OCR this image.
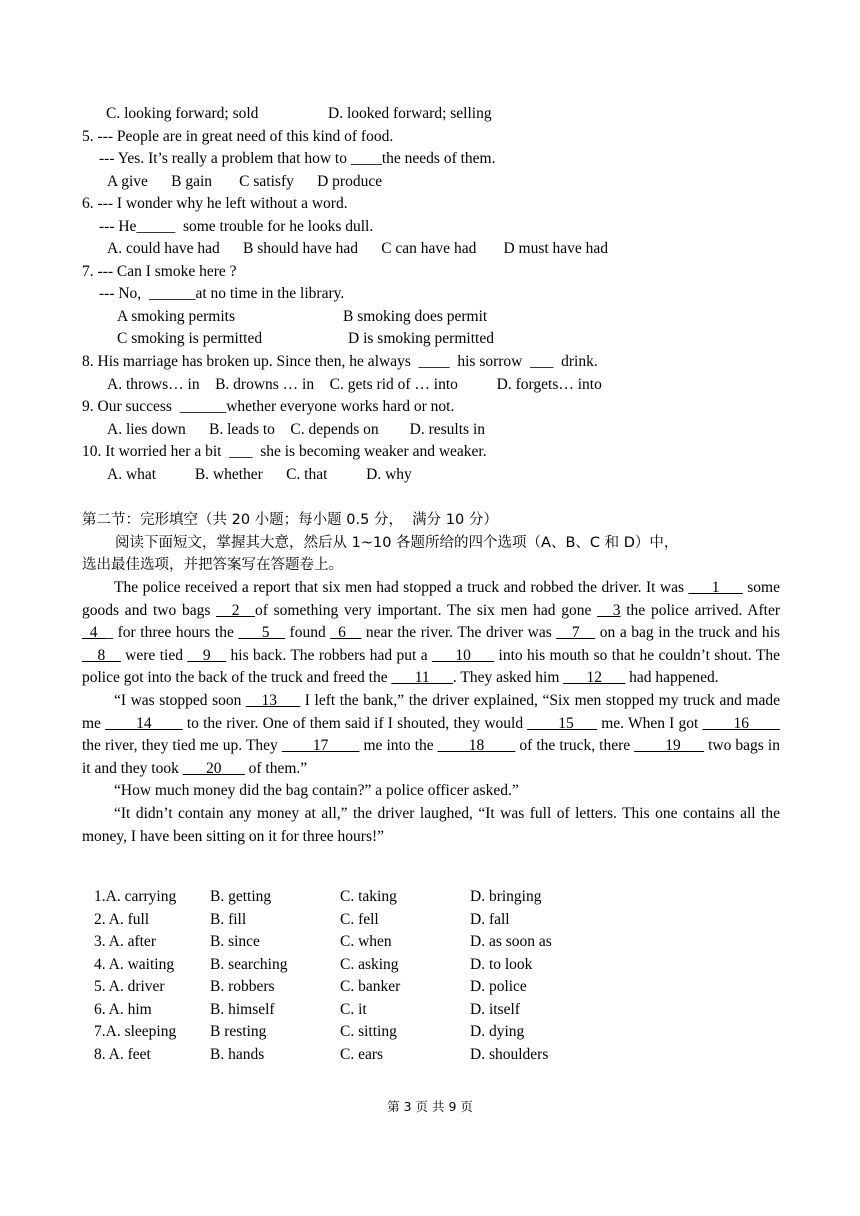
C. looking forward; sold	D. looked forward; selling
5. --- People are in great need of this kind of food.
--- Yes. It’s really a problem that how to ____the needs of them.
A give      B gain       C satisfy      D produce
6. --- I wonder why he left without a word.
--- He_____  some trouble for he looks dull.
A. could have had      B should have had      C can have had       D must have had
7. --- Can I smoke here ?
--- No,  ______at no time in the library.
A smoking permits	B smoking does permit
C smoking is permitted	D is smoking permitted
8. His marriage has broken up. Since then, he always  ____  his sorrow  ___  drink.
A. throws… in    B. drowns … in    C. gets rid of … into          D. forgets… into
9. Our success  ______whether everyone works hard or not.
A. lies down      B. leads to    C. depends on        D. results in
10. It worried her a bit  ___  she is becoming weaker and weaker.
A. what          B. whether      C. that          D. why
第二节：完形填空（共 20 小题；每小题 0.5 分，  满分 10 分）
阅读下面短文，掌握其大意，然后从 1~10 各题所给的四个选项（A、B、C 和 D）中，
选出最佳选项，并把答案写在答题卷上。

The police received a report that six men had stopped a truck and robbed the driver. It was ___1___ some goods and two bags __2__of something very important. The six men had gone __3 the police arrived. After _4__ for three hours the ___5__ found _6__ near the river. The driver was __7__ on a bag in the truck and his __8__ were tied __9__ his back. The robbers had put a ___10___ into his mouth so that he couldn’t shout. The police got into the back of the truck and freed the ___11___. They asked him ___12___ had happened.

“I was stopped soon __13___ I left the bank,” the driver explained, “Six men stopped my truck and made me ____14____ to the river. One of them said if I shouted, they would ____15___ me. When I got ____16____ the river, they tied me up. They ____17____ me into the ____18____ of the truck, there ____19___ two bags in it and they took ___20___ of them.”

“How much money did the bag contain?” a police officer asked.”

“It didn’t contain any money at all,” the driver laughed, “It was full of letters. This one contains all the money, I have been sitting on it for three hours!”

1.A. carrying B. getting	C. taking	D. bringing
2. A. full	B. fill	C. fell	D. fall
3. A. after	B. since	C. when	D. as soon as
4. A. waiting B. searching	C. asking	D. to look
5. A. driver	B. robbers	C. banker	D. police
6. A. him	B. himself	C. it	D. itself
7.A. sleeping B resting	C. sitting	D. dying
8. A. feet	B. hands	C. ears	D. shoulders
第 3 页 共 9 页
